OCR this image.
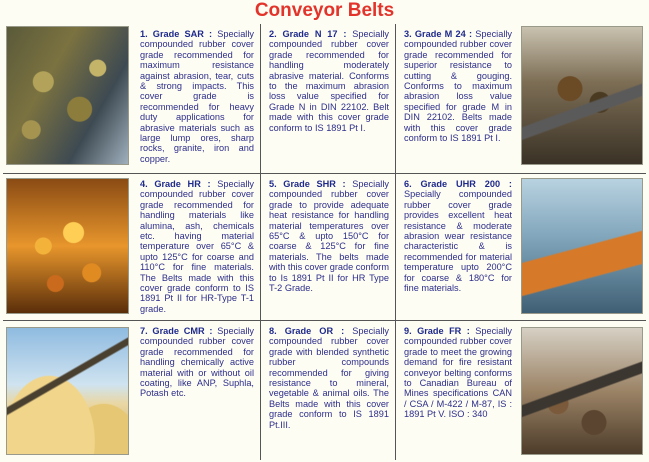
Conveyor Belts
1. Grade SAR : Specially compounded rubber cover grade recommended for maximum resistance against abrasion, tear, cuts & strong impacts. This cover grade is recommended for heavy duty applications for abrasive materials such as large lump ores, sharp rocks, granite, iron and copper.
2. Grade N 17 : Specially compounded rubber cover grade recommended for handling moderately abrasive material. Conforms to the maximum abrasion loss value specified for Grade N in DIN 22102. Belt made with this cover grade conform to IS 1891 Pt I.
3. Grade M 24 : Specially compounded rubber cover grade recommended for superior resistance to cutting & gouging. Conforms to maximum abrasion loss value specified for grade M in DIN 22102. Belts made with this cover grade conform to IS 1891 Pt I.
4. Grade HR : Specially compounded rubber cover grade recommended for handling materials like alumina, ash, chemicals etc. having material temperature over 65°C & upto 125°C for coarse and 110°C for fine materials. The Belts made with this cover grade conform to IS 1891 Pt II for HR-Type T-1 grade.
5. Grade SHR : Specially compounded rubber cover grade to provide adequate heat resistance for handling material temperatures over 65°C & upto 150°C for coarse & 125°C for fine materials. The belts made with this cover grade conform to Is 1891 Pt II for HR Type T-2 Grade.
6. Grade UHR 200 : Specially compounded rubber cover grade provides excellent heat resistance & moderate abrasion wear resistance characteristic & is recommended for material temperature upto 200°C for coarse & 180°C for fine materials.
7. Grade CMR : Specially compounded rubber cover grade recommended for handling chemically active material with or without oil coating, like ANP, Suphla, Potash etc.
8. Grade OR : Specially compounded rubber cover grade with blended synthetic rubber compounds recommended for giving resistance to mineral, vegetable & animal oils. The Belts made with this cover grade conform to IS 1891 Pt.III.
9. Grade FR : Specially compounded rubber cover grade to meet the growing demand for fire resistant conveyor belting conforms to Canadian Bureau of Mines specifications CAN / CSA / M-422 / M-87, IS : 1891 Pt V. ISO : 340
